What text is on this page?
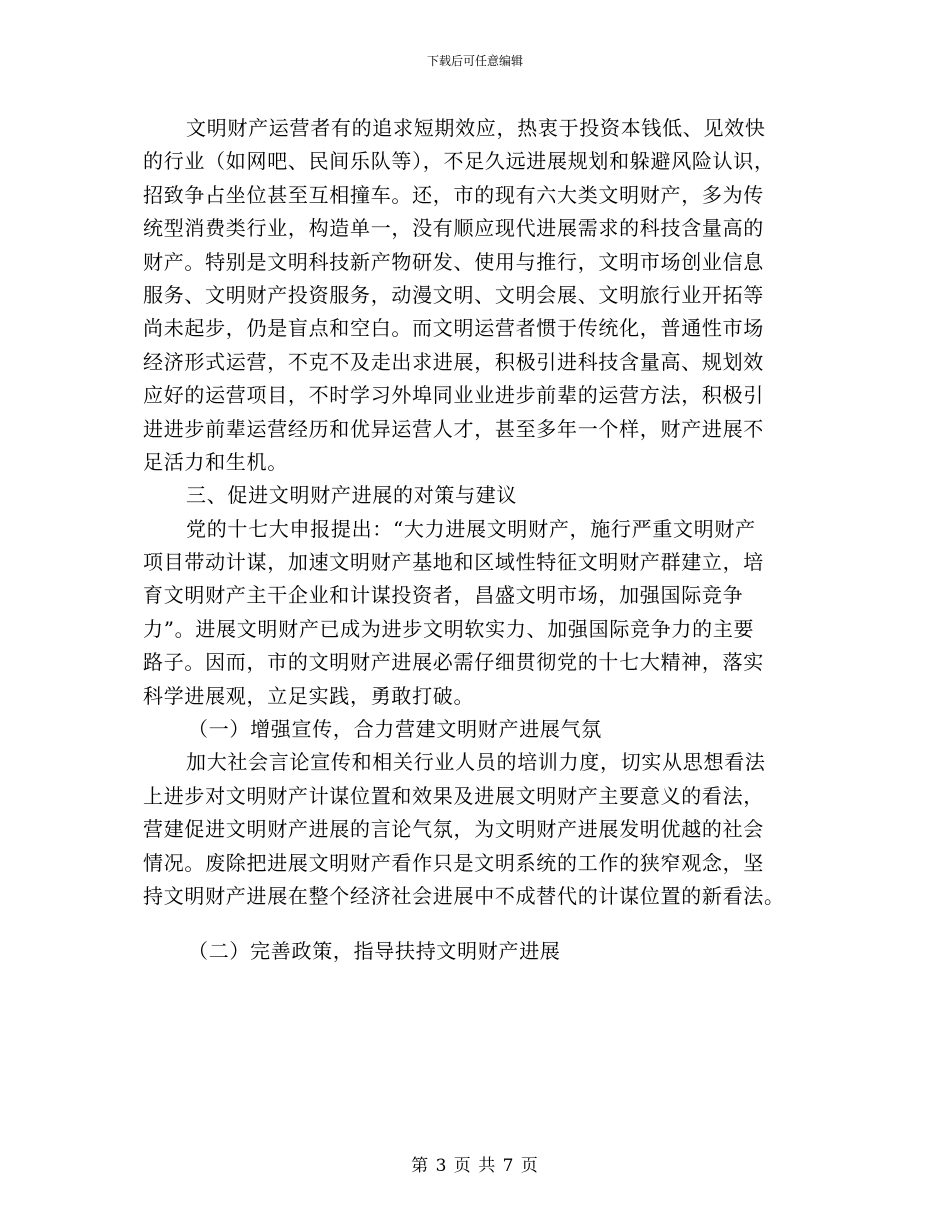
下载后可任意编辑
文明财产运营者有的追求短期效应，热衷于投资本钱低、见效快
的行业（如网吧、民间乐队等），不足久远进展规划和躲避风险认识，
招致争占坐位甚至互相撞车。还，市的现有六大类文明财产，多为传
统型消费类行业，构造单一，没有顺应现代进展需求的科技含量高的
财产。特别是文明科技新产物研发、使用与推行，文明市场创业信息
服务、文明财产投资服务，动漫文明、文明会展、文明旅行业开拓等
尚未起步，仍是盲点和空白。而文明运营者惯于传统化，普通性市场
经济形式运营，不克不及走出求进展，积极引进科技含量高、规划效
应好的运营项目，不时学习外埠同业业进步前辈的运营方法，积极引
进进步前辈运营经历和优异运营人才，甚至多年一个样，财产进展不
足活力和生机。
三、促进文明财产进展的对策与建议
党的十七大申报提出：“大力进展文明财产，施行严重文明财产
项目带动计谋，加速文明财产基地和区域性特征文明财产群建立，培
育文明财产主干企业和计谋投资者，昌盛文明市场，加强国际竞争
力”。进展文明财产已成为进步文明软实力、加强国际竞争力的主要
路子。因而，市的文明财产进展必需仔细贯彻党的十七大精神，落实
科学进展观，立足实践，勇敢打破。
（一）增强宣传，合力营建文明财产进展气氛
加大社会言论宣传和相关行业人员的培训力度，切实从思想看法
上进步对文明财产计谋位置和效果及进展文明财产主要意义的看法，
营建促进文明财产进展的言论气氛，为文明财产进展发明优越的社会
情况。废除把进展文明财产看作只是文明系统的工作的狭窄观念，坚
持文明财产进展在整个经济社会进展中不成替代的计谋位置的新看法。
（二）完善政策，指导扶持文明财产进展
第 3 页 共 7 页
